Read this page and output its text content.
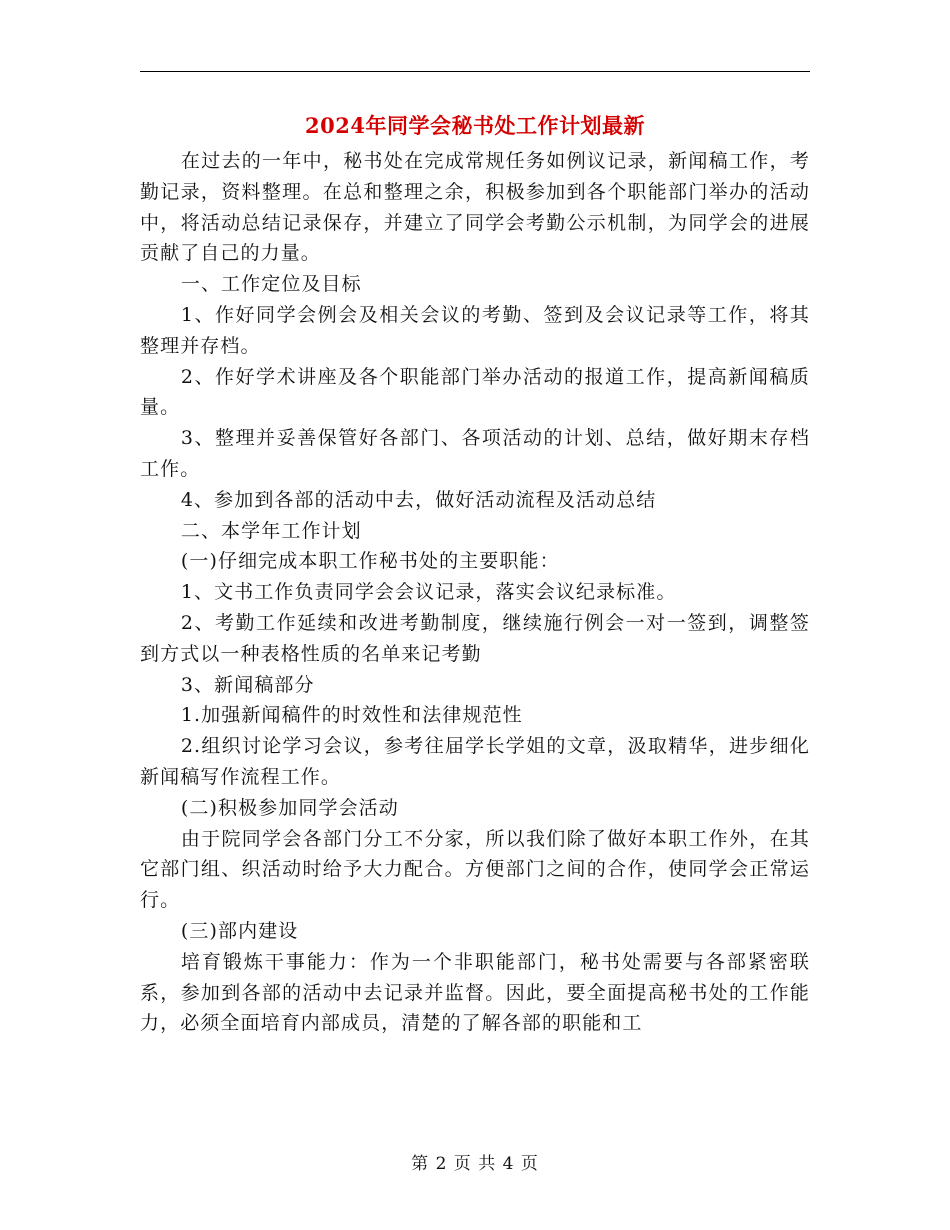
2024年同学会秘书处工作计划最新

在过去的一年中，秘书处在完成常规任务如例议记录，新闻稿工作，考勤记录，资料整理。在总和整理之余，积极参加到各个职能部门举办的活动中，将活动总结记录保存，并建立了同学会考勤公示机制，为同学会的进展贡献了自己的力量。

一、工作定位及目标

1、作好同学会例会及相关会议的考勤、签到及会议记录等工作，将其整理并存档。

2、作好学术讲座及各个职能部门举办活动的报道工作，提高新闻稿质量。

3、整理并妥善保管好各部门、各项活动的计划、总结，做好期末存档工作。

4、参加到各部的活动中去，做好活动流程及活动总结

二、本学年工作计划

(一)仔细完成本职工作秘书处的主要职能：

1、文书工作负责同学会会议记录，落实会议纪录标准。

2、考勤工作延续和改进考勤制度，继续施行例会一对一签到，调整签到方式以一种表格性质的名单来记考勤

3、新闻稿部分

1.加强新闻稿件的时效性和法律规范性

2.组织讨论学习会议，参考往届学长学姐的文章，汲取精华，进步细化新闻稿写作流程工作。

(二)积极参加同学会活动

由于院同学会各部门分工不分家，所以我们除了做好本职工作外，在其它部门组、织活动时给予大力配合。方便部门之间的合作，使同学会正常运行。

(三)部内建设

培育锻炼干事能力：作为一个非职能部门，秘书处需要与各部紧密联系，参加到各部的活动中去记录并监督。因此，要全面提高秘书处的工作能力，必须全面培育内部成员，清楚的了解各部的职能和工

第 2 页 共 4 页
